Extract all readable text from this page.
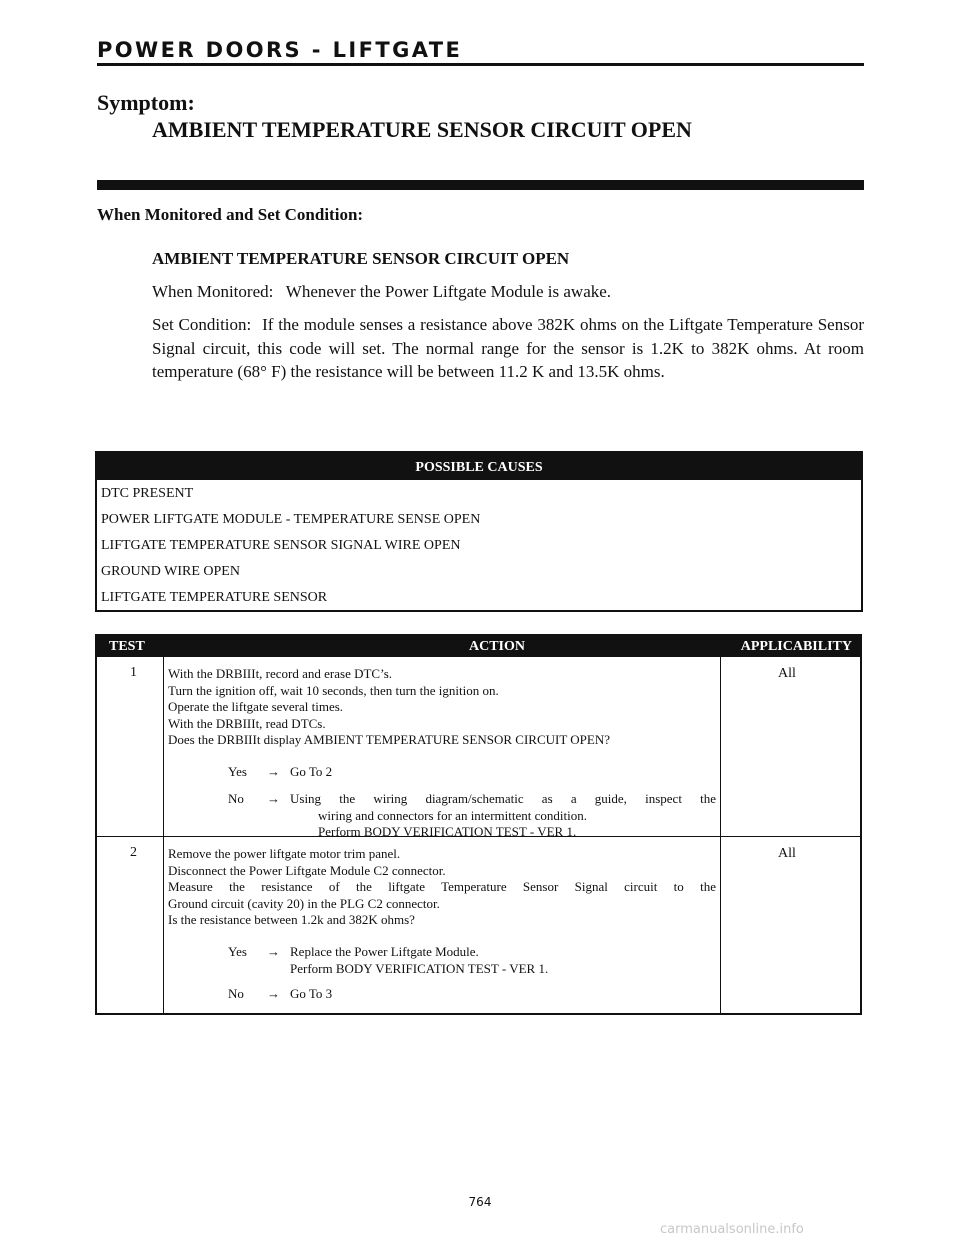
POWER DOORS - LIFTGATE
Symptom:
AMBIENT TEMPERATURE SENSOR CIRCUIT OPEN
When Monitored and Set Condition:
AMBIENT TEMPERATURE SENSOR CIRCUIT OPEN
When Monitored: Whenever the Power Liftgate Module is awake.
Set Condition: If the module senses a resistance above 382K ohms on the Liftgate Temperature Sensor Signal circuit, this code will set. The normal range for the sensor is 1.2K to 382K ohms. At room temperature (68° F) the resistance will be between 11.2 K and 13.5K ohms.
POSSIBLE CAUSES
DTC PRESENT
POWER LIFTGATE MODULE - TEMPERATURE SENSE OPEN
LIFTGATE TEMPERATURE SENSOR SIGNAL WIRE OPEN
GROUND WIRE OPEN
LIFTGATE TEMPERATURE SENSOR
TEST	ACTION	APPLICABILITY
1 With the DRBIIIt, record and erase DTC’s.
Turn the ignition off, wait 10 seconds, then turn the ignition on.
Operate the liftgate several times.
With the DRBIIIt, read DTCs.
Does the DRBIIIt display AMBIENT TEMPERATURE SENSOR CIRCUIT OPEN?
Yes → Go To 2
No → Using the wiring diagram/schematic as a guide, inspect the
wiring and connectors for an intermittent condition.
Perform BODY VERIFICATION TEST - VER 1.
All
2 Remove the power liftgate motor trim panel.
Disconnect the Power Liftgate Module C2 connector.
Measure the resistance of the liftgate Temperature Sensor Signal circuit to the
Ground circuit (cavity 20) in the PLG C2 connector.
Is the resistance between 1.2k and 382K ohms?
Yes → Replace the Power Liftgate Module.
Perform BODY VERIFICATION TEST - VER 1.
No → Go To 3
All
764
carmanualsonline.info
